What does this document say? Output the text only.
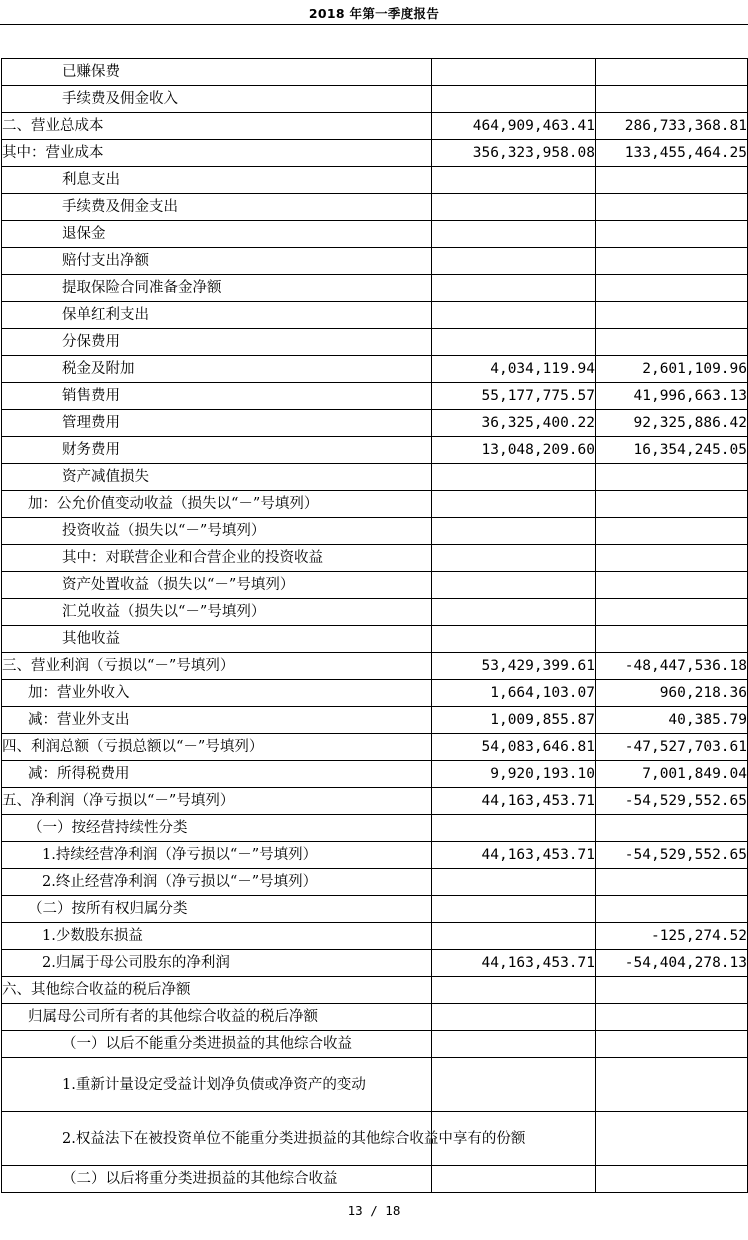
2018 年第一季度报告
已赚保费		
手续费及佣金收入		
二、营业总成本	464,909,463.41	286,733,368.81
其中：营业成本	356,323,958.08	133,455,464.25
利息支出		
手续费及佣金支出		
退保金		
赔付支出净额		
提取保险合同准备金净额		
保单红利支出		
分保费用		
税金及附加	4,034,119.94	2,601,109.96
销售费用	55,177,775.57	41,996,663.13
管理费用	36,325,400.22	92,325,886.42
财务费用	13,048,209.60	16,354,245.05
资产减值损失		
加：公允价值变动收益（损失以“－”号填列）		
投资收益（损失以“－”号填列）		
其中：对联营企业和合营企业的投资收益		
资产处置收益（损失以“－”号填列）		
汇兑收益（损失以“－”号填列）		
其他收益		
三、营业利润（亏损以“－”号填列）	53,429,399.61	-48,447,536.18
加：营业外收入	1,664,103.07	960,218.36
减：营业外支出	1,009,855.87	40,385.79
四、利润总额（亏损总额以“－”号填列）	54,083,646.81	-47,527,703.61
减：所得税费用	9,920,193.10	7,001,849.04
五、净利润（净亏损以“－”号填列）	44,163,453.71	-54,529,552.65
（一）按经营持续性分类		
1.持续经营净利润（净亏损以“－”号填列）	44,163,453.71	-54,529,552.65
2.终止经营净利润（净亏损以“－”号填列）		
（二）按所有权归属分类		
1.少数股东损益		-125,274.52
2.归属于母公司股东的净利润	44,163,453.71	-54,404,278.13
六、其他综合收益的税后净额		
归属母公司所有者的其他综合收益的税后净额		
（一）以后不能重分类进损益的其他综合收益		
1.重新计量设定受益计划净负债或净资产的变动		
2.权益法下在被投资单位不能重分类进损益的其他综合收益中享有的份额		
（二）以后将重分类进损益的其他综合收益		
13 / 18
